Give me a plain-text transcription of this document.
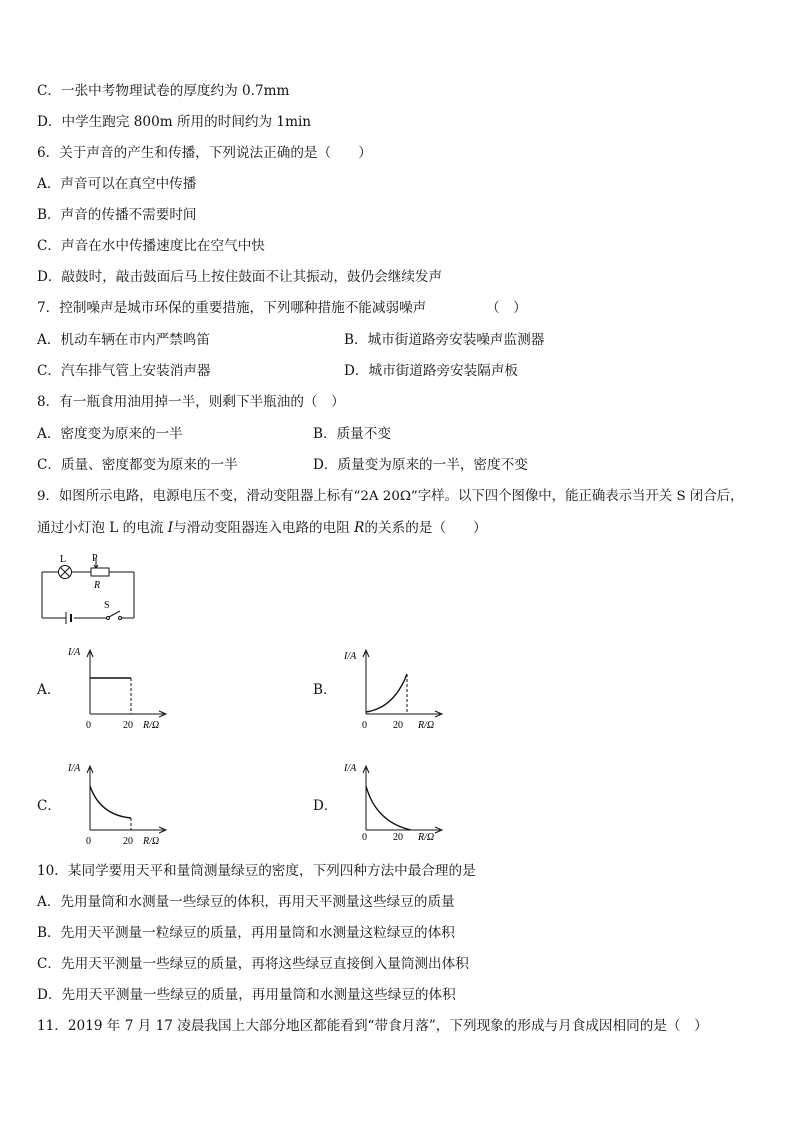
C．一张中考物理试卷的厚度约为 0.7mm
D．中学生跑完 800m 所用的时间约为 1min
6．关于声音的产生和传播，下列说法正确的是（　　）
A．声音可以在真空中传播
B．声音的传播不需要时间
C．声音在水中传播速度比在空气中快
D．敲鼓时，敲击鼓面后马上按住鼓面不让其振动，鼓仍会继续发声
7．控制噪声是城市环保的重要措施，下列哪种措施不能减弱噪声	（　）
A．机动车辆在市内严禁鸣笛	B．城市街道路旁安装噪声监测器
C．汽车排气管上安装消声器	D．城市街道路旁安装隔声板
8．有一瓶食用油用掉一半，则剩下半瓶油的（　）
A．密度变为原来的一半	B．质量不变
C．质量、密度都变为原来的一半	D．质量变为原来的一半，密度不变
9．如图所示电路，电源电压不变，滑动变阻器上标有“2A 20Ω”字样。以下四个图像中，能正确表示当开关 S 闭合后，
通过小灯泡 L 的电流 I与滑动变阻器连入电路的电阻 R的关系的是（　　）
L	P
R
S
A．	B．
C．	D．
I/A
0	20 R/Ω
I/A
0	20 R/Ω
I/A
0	20 R/Ω
I/A
0	20 R/Ω
10．某同学要用天平和量筒测量绿豆的密度，下列四种方法中最合理的是
A．先用量筒和水测量一些绿豆的体积，再用天平测量这些绿豆的质量
B．先用天平测量一粒绿豆的质量，再用量筒和水测量这粒绿豆的体积
C．先用天平测量一些绿豆的质量，再将这些绿豆直接倒入量筒测出体积
D．先用天平测量一些绿豆的质量，再用量筒和水测量这些绿豆的体积
11．2019 年 7 月 17 凌晨我国上大部分地区都能看到“带食月落”，下列现象的形成与月食成因相同的是（　）
